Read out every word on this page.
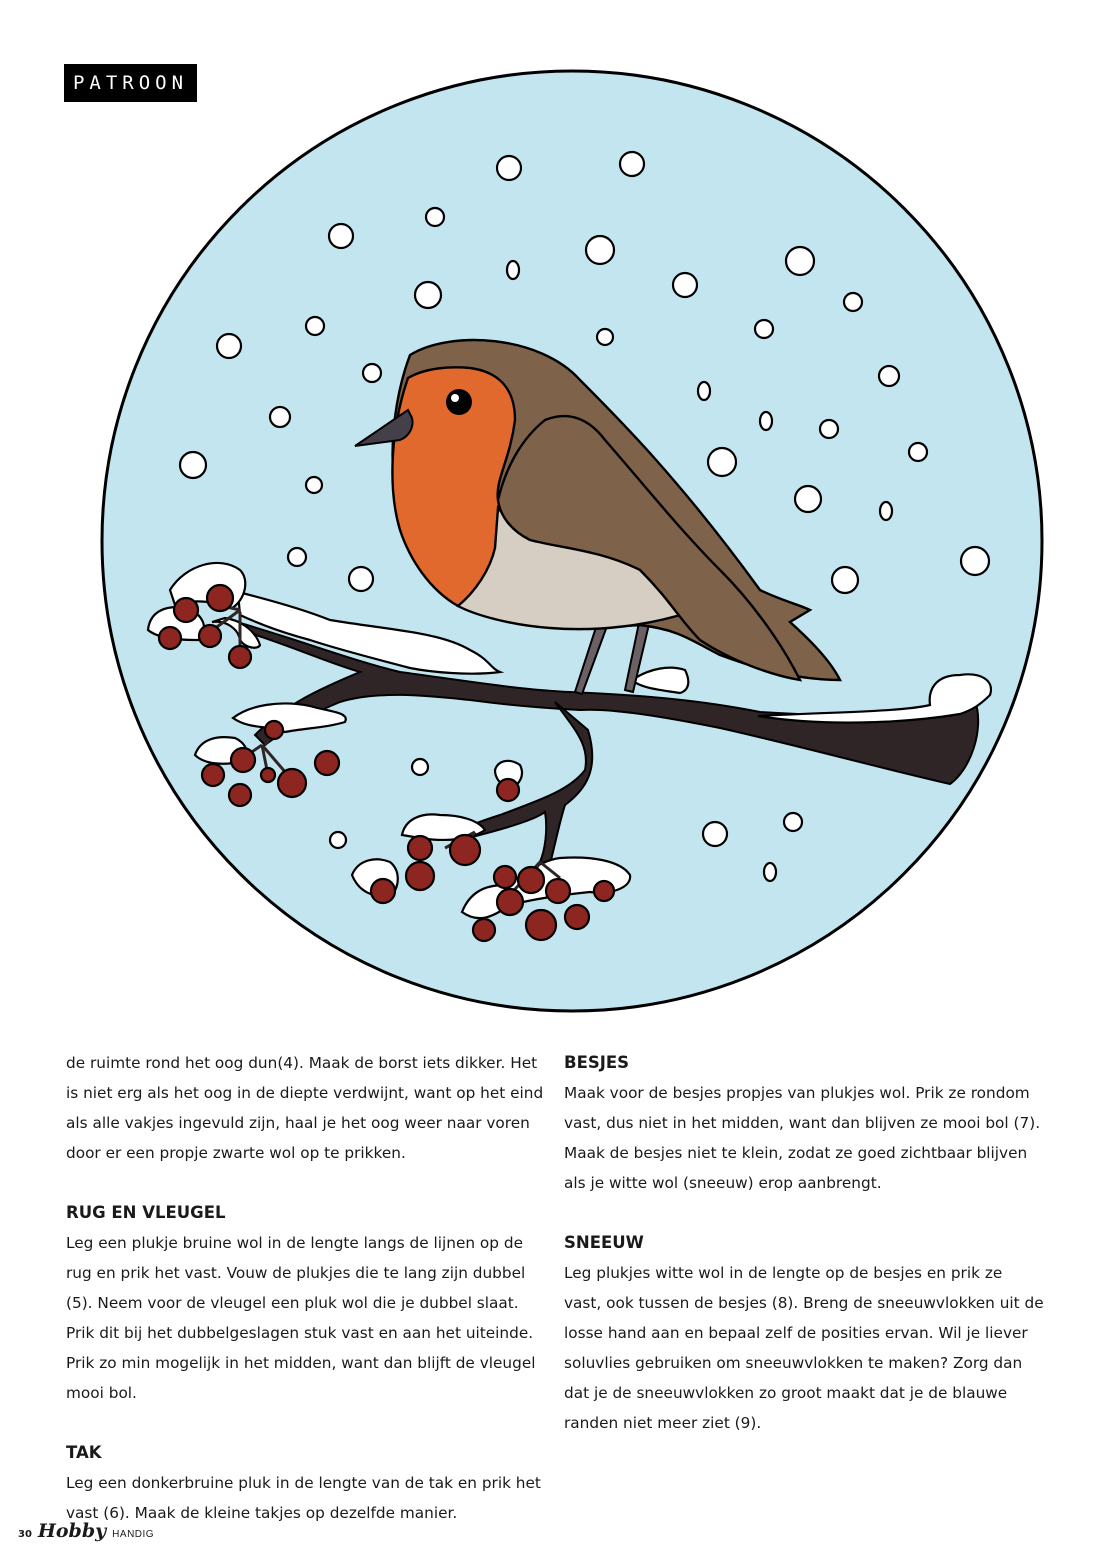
PATROON

de ruimte rond het oog dun(4). Maak de borst iets dikker. Het is niet erg als het oog in de diepte verdwijnt, want op het eind als alle vakjes ingevuld zijn, haal je het oog weer naar voren door er een propje zwarte wol op te prikken.

RUG EN VLEUGEL

Leg een plukje bruine wol in de lengte langs de lijnen op de rug en prik het vast. Vouw de plukjes die te lang zijn dubbel (5). Neem voor de vleugel een pluk wol die je dubbel slaat. Prik dit bij het dubbelgeslagen stuk vast en aan het uiteinde. Prik zo min mogelijk in het midden, want dan blijft de vleugel mooi bol.

TAK

Leg een donkerbruine pluk in de lengte van de tak en prik het vast (6). Maak de kleine takjes op dezelfde manier.

BESJES

Maak voor de besjes propjes van plukjes wol. Prik ze rondom vast, dus niet in het midden, want dan blijven ze mooi bol (7). Maak de besjes niet te klein, zodat ze goed zichtbaar blijven als je witte wol (sneeuw) erop aanbrengt.

SNEEUW

Leg plukjes witte wol in de lengte op de besjes en prik ze vast, ook tussen de besjes (8). Breng de sneeuwvlokken uit de losse hand aan en bepaal zelf de posities ervan. Wil je liever soluvlies gebruiken om sneeuwvlokken te maken? Zorg dan dat je de sneeuwvlokken zo groot maakt dat je de blauwe randen niet meer ziet (9).

30 Hobby HANDIG
